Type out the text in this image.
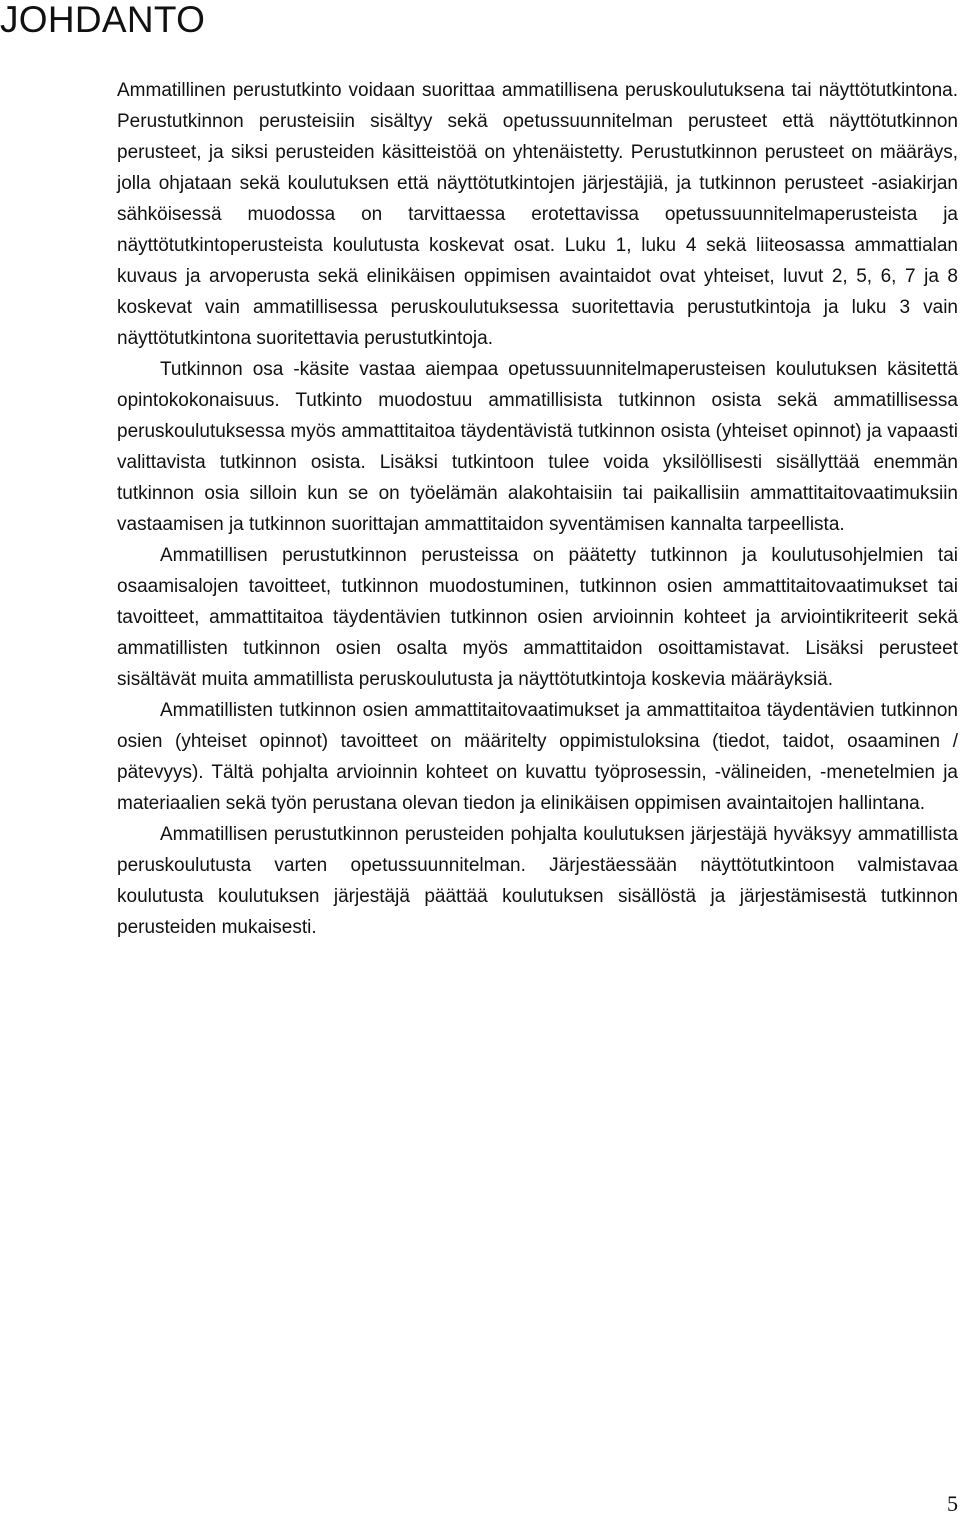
JOHDANTO

Ammatillinen perustutkinto voidaan suorittaa ammatillisena peruskoulutuksena tai näyttötutkintona. Perustutkinnon perusteisiin sisältyy sekä opetussuunnitelman perusteet että näyttötutkinnon perusteet, ja siksi perusteiden käsitteistöä on yhtenäistetty. Perustutkinnon perusteet on määräys, jolla ohjataan sekä koulutuksen että näyttötutkintojen järjestäjiä, ja tutkinnon perusteet -asiakirjan sähköisessä muodossa on tarvittaessa erotettavissa opetussuunnitelmaperusteista ja näyttötutkintoperusteista koulutusta koskevat osat. Luku 1, luku 4 sekä liiteosassa ammattialan kuvaus ja arvoperusta sekä elinikäisen oppimisen avaintaidot ovat yhteiset, luvut 2, 5, 6, 7 ja 8 koskevat vain ammatillisessa peruskoulutuksessa suoritettavia perustutkintoja ja luku 3 vain näyttötutkintona suoritettavia perustutkintoja.

Tutkinnon osa -käsite vastaa aiempaa opetussuunnitelmaperusteisen koulutuksen käsitettä opintokokonaisuus. Tutkinto muodostuu ammatillisista tutkinnon osista sekä ammatillisessa peruskoulutuksessa myös ammattitaitoa täydentävistä tutkinnon osista (yhteiset opinnot) ja vapaasti valittavista tutkinnon osista. Lisäksi tutkintoon tulee voida yksilöllisesti sisällyttää enemmän tutkinnon osia silloin kun se on työelämän alakohtaisiin tai paikallisiin ammattitaitovaatimuksiin vastaamisen ja tutkinnon suorittajan ammattitaidon syventämisen kannalta tarpeellista.

Ammatillisen perustutkinnon perusteissa on päätetty tutkinnon ja koulutusohjelmien tai osaamisalojen tavoitteet, tutkinnon muodostuminen, tutkinnon osien ammattitaitovaatimukset tai tavoitteet, ammattitaitoa täydentävien tutkinnon osien arvioinnin kohteet ja arviointikriteerit sekä ammatillisten tutkinnon osien osalta myös ammattitaidon osoittamistavat. Lisäksi perusteet sisältävät muita ammatillista peruskoulutusta ja näyttötutkintoja koskevia määräyksiä.

Ammatillisten tutkinnon osien ammattitaitovaatimukset ja ammattitaitoa täydentävien tutkinnon osien (yhteiset opinnot) tavoitteet on määritelty oppimistuloksina (tiedot, taidot, osaaminen / pätevyys). Tältä pohjalta arvioinnin kohteet on kuvattu työprosessin, -välineiden, -menetelmien ja materiaalien sekä työn perustana olevan tiedon ja elinikäisen oppimisen avaintaitojen hallintana.

Ammatillisen perustutkinnon perusteiden pohjalta koulutuksen järjestäjä hyväksyy ammatillista peruskoulutusta varten opetussuunnitelman. Järjestäessään näyttötutkintoon valmistavaa koulutusta koulutuksen järjestäjä päättää koulutuksen sisällöstä ja järjestämisestä tutkinnon perusteiden mukaisesti.

5
